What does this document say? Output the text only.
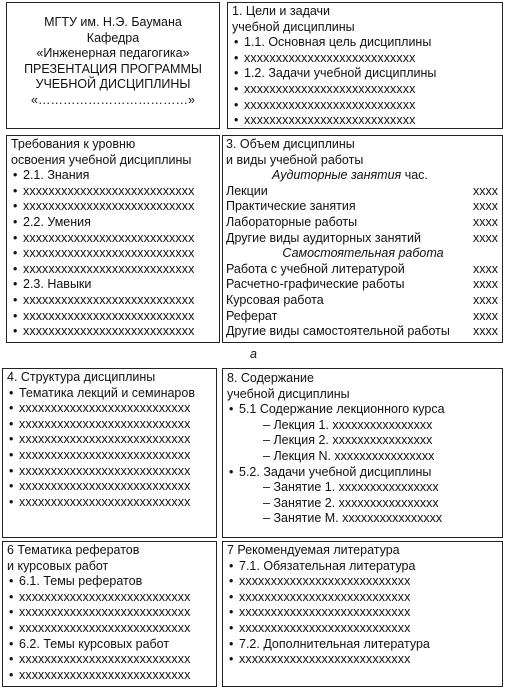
МГТУ им. Н.Э. Баумана
Кафедра
«Инженерная педагогика»
ПРЕЗЕНТАЦИЯ ПРОГРАММЫ
УЧЕБНОЙ ДИСЦИПЛИНЫ
«………………………………»
1. Цели и задачи
учебной дисциплины
• 1.1. Основная цель дисциплины
• xxxxxxxxxxxxxxxxxxxxxxxxxxx
• 1.2. Задачи учебной дисциплины
• xxxxxxxxxxxxxxxxxxxxxxxxxxx
• xxxxxxxxxxxxxxxxxxxxxxxxxxx
• xxxxxxxxxxxxxxxxxxxxxxxxxxx
Требования к уровню
освоения учебной дисциплины
• 2.1. Знания
• xxxxxxxxxxxxxxxxxxxxxxxxxxx
• xxxxxxxxxxxxxxxxxxxxxxxxxxx
• 2.2. Умения
• xxxxxxxxxxxxxxxxxxxxxxxxxxx
• xxxxxxxxxxxxxxxxxxxxxxxxxxx
• xxxxxxxxxxxxxxxxxxxxxxxxxxx
• 2.3. Навыки
• xxxxxxxxxxxxxxxxxxxxxxxxxxx
• xxxxxxxxxxxxxxxxxxxxxxxxxxx
• xxxxxxxxxxxxxxxxxxxxxxxxxxx
3. Объем дисциплины
и виды учебной работы
Аудиторные занятия час.
Лекции	xxxx
Практические занятия	xxxx
Лабораторные работы	xxxx
Другие виды аудиторных занятий	xxxx
Самостоятельная работа
Работа с учебной литературой	xxxx
Расчетно-графические работы	xxxx
Курсовая работа	xxxx
Реферат	xxxx
Другие виды самостоятельной работы xxxx
а
4. Структура дисциплины
• Тематика лекций и семинаров
• xxxxxxxxxxxxxxxxxxxxxxxxxxx
• xxxxxxxxxxxxxxxxxxxxxxxxxxx
• xxxxxxxxxxxxxxxxxxxxxxxxxxx
• xxxxxxxxxxxxxxxxxxxxxxxxxxx
• xxxxxxxxxxxxxxxxxxxxxxxxxxx
• xxxxxxxxxxxxxxxxxxxxxxxxxxx
• xxxxxxxxxxxxxxxxxxxxxxxxxxx
8. Содержание
учебной дисциплины
• 5.1 Содержание лекционного курса
– Лекция 1. xxxxxxxxxxxxxxxx
– Лекция 2. xxxxxxxxxxxxxxxx
– Лекция N. xxxxxxxxxxxxxxxx
• 5.2. Задачи учебной дисциплины
– Занятие 1. xxxxxxxxxxxxxxxx
– Занятие 2. xxxxxxxxxxxxxxxx
– Занятие М. xxxxxxxxxxxxxxxx
6 Тематика рефератов
и курсовых работ
• 6.1. Темы рефератов
• xxxxxxxxxxxxxxxxxxxxxxxxxxx
• xxxxxxxxxxxxxxxxxxxxxxxxxxx
• xxxxxxxxxxxxxxxxxxxxxxxxxxx
• 6.2. Темы курсовых работ
• xxxxxxxxxxxxxxxxxxxxxxxxxxx
• xxxxxxxxxxxxxxxxxxxxxxxxxxx
7 Рекомендуемая литература
• 7.1. Обязательная литература
• xxxxxxxxxxxxxxxxxxxxxxxxxxx
• xxxxxxxxxxxxxxxxxxxxxxxxxxx
• xxxxxxxxxxxxxxxxxxxxxxxxxxx
• xxxxxxxxxxxxxxxxxxxxxxxxxxx
• 7.2. Дополнительная литература
• xxxxxxxxxxxxxxxxxxxxxxxxxxx
